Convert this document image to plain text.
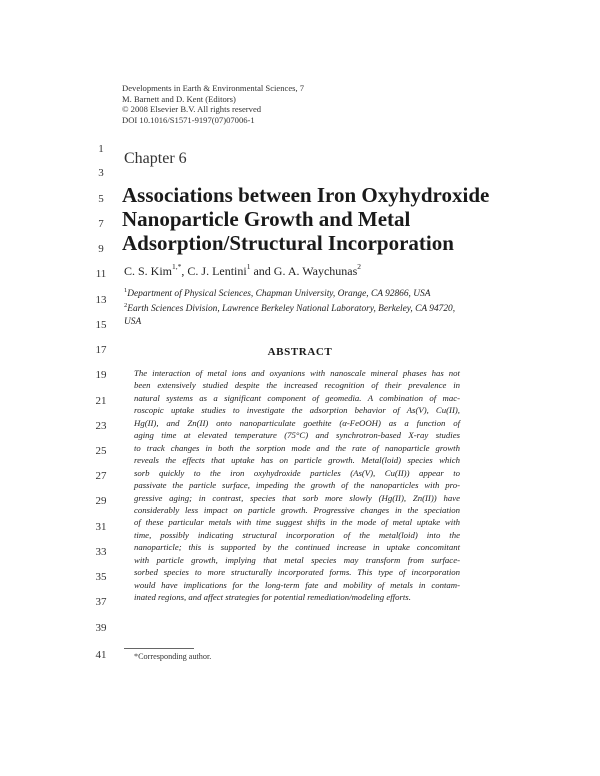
Developments in Earth & Environmental Sciences, 7
M. Barnett and D. Kent (Editors)
© 2008 Elsevier B.V. All rights reserved
DOI 10.1016/S1571-9197(07)07006-1
1
3
5
7
9
11
13
15
17
19
21
23
25
27
29
31
33
35
37
39
41
Chapter 6
Associations between Iron Oxyhydroxide
Nanoparticle Growth and Metal
Adsorption/Structural Incorporation
C. S. Kim$^{1,*}$, C. J. Lentini$^1$ and G. A. Waychunas$^2$
$^1$Department of Physical Sciences, Chapman University, Orange, CA 92866, USA
$^2$Earth Sciences Division, Lawrence Berkeley National Laboratory, Berkeley, CA 94720, USA
ABSTRACT
The interaction of metal ions and oxyanions with nanoscale mineral phases has not
been extensively studied despite the increased recognition of their prevalence in
natural systems as a significant component of geomedia. A combination of mac-
roscopic uptake studies to investigate the adsorption behavior of As(V), Cu(II),
Hg(II), and Zn(II) onto nanoparticulate goethite (α-FeOOH) as a function of
aging time at elevated temperature (75°C) and synchrotron-based X-ray studies
to track changes in both the sorption mode and the rate of nanoparticle growth
reveals the effects that uptake has on particle growth. Metal(loid) species which
sorb quickly to the iron oxyhydroxide particles (As(V), Cu(II)) appear to
passivate the particle surface, impeding the growth of the nanoparticles with pro-
gressive aging; in contrast, species that sorb more slowly (Hg(II), Zn(II)) have
considerably less impact on particle growth. Progressive changes in the speciation
of these particular metals with time suggest shifts in the mode of metal uptake with
time, possibly indicating structural incorporation of the metal(loid) into the
nanoparticle; this is supported by the continued increase in uptake concomitant
with particle growth, implying that metal species may transform from surface-
sorbed species to more structurally incorporated forms. This type of incorporation
would have implications for the long-term fate and mobility of metals in contam-
inated regions, and affect strategies for potential remediation/modeling efforts.
*Corresponding author.
